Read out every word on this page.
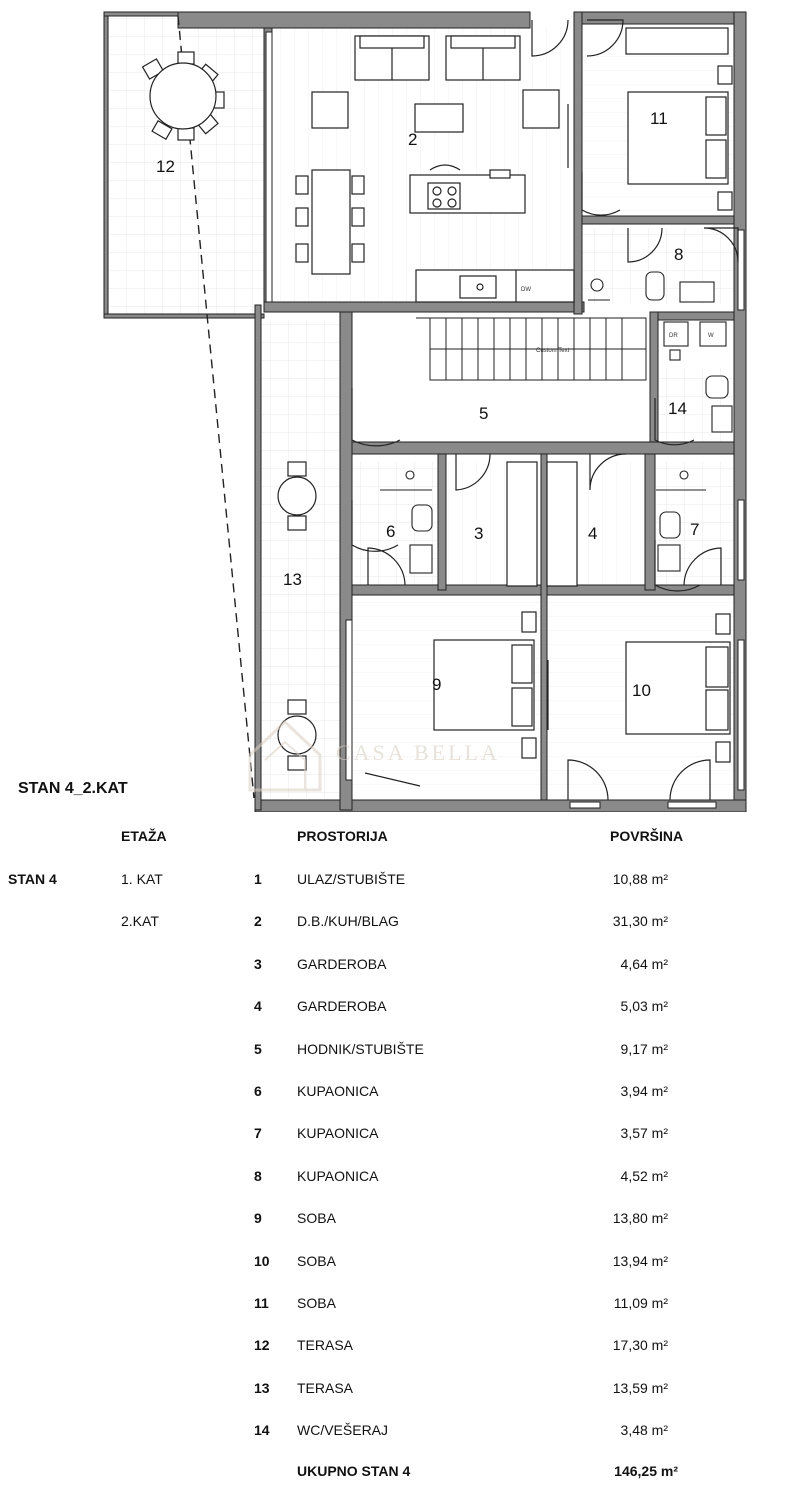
DW
Custom Text
DR	W
CASA BELLA
2
11
12
8
5	14
6	3	4	7
13
9	10
STAN 4_2.KAT
ETAŽA	PROSTORIJA	POVRŠINA
STAN 4	1. KAT
2.KAT
1	ULAZ/STUBIŠTE	10,88 m²
2	D.B./KUH/BLAG	31,30 m²
3	GARDEROBA	4,64 m²
4	GARDEROBA	5,03 m²
5	HODNIK/STUBIŠTE	9,17 m²
6	KUPAONICA	3,94 m²
7	KUPAONICA	3,57 m²
8	KUPAONICA	4,52 m²
9	SOBA	13,80 m²
10 SOBA	13,94 m²
11 SOBA	11,09 m²
12 TERASA	17,30 m²
13 TERASA	13,59 m²
14 WC/VEŠERAJ	3,48 m²
UKUPNO STAN 4	146,25 m²
